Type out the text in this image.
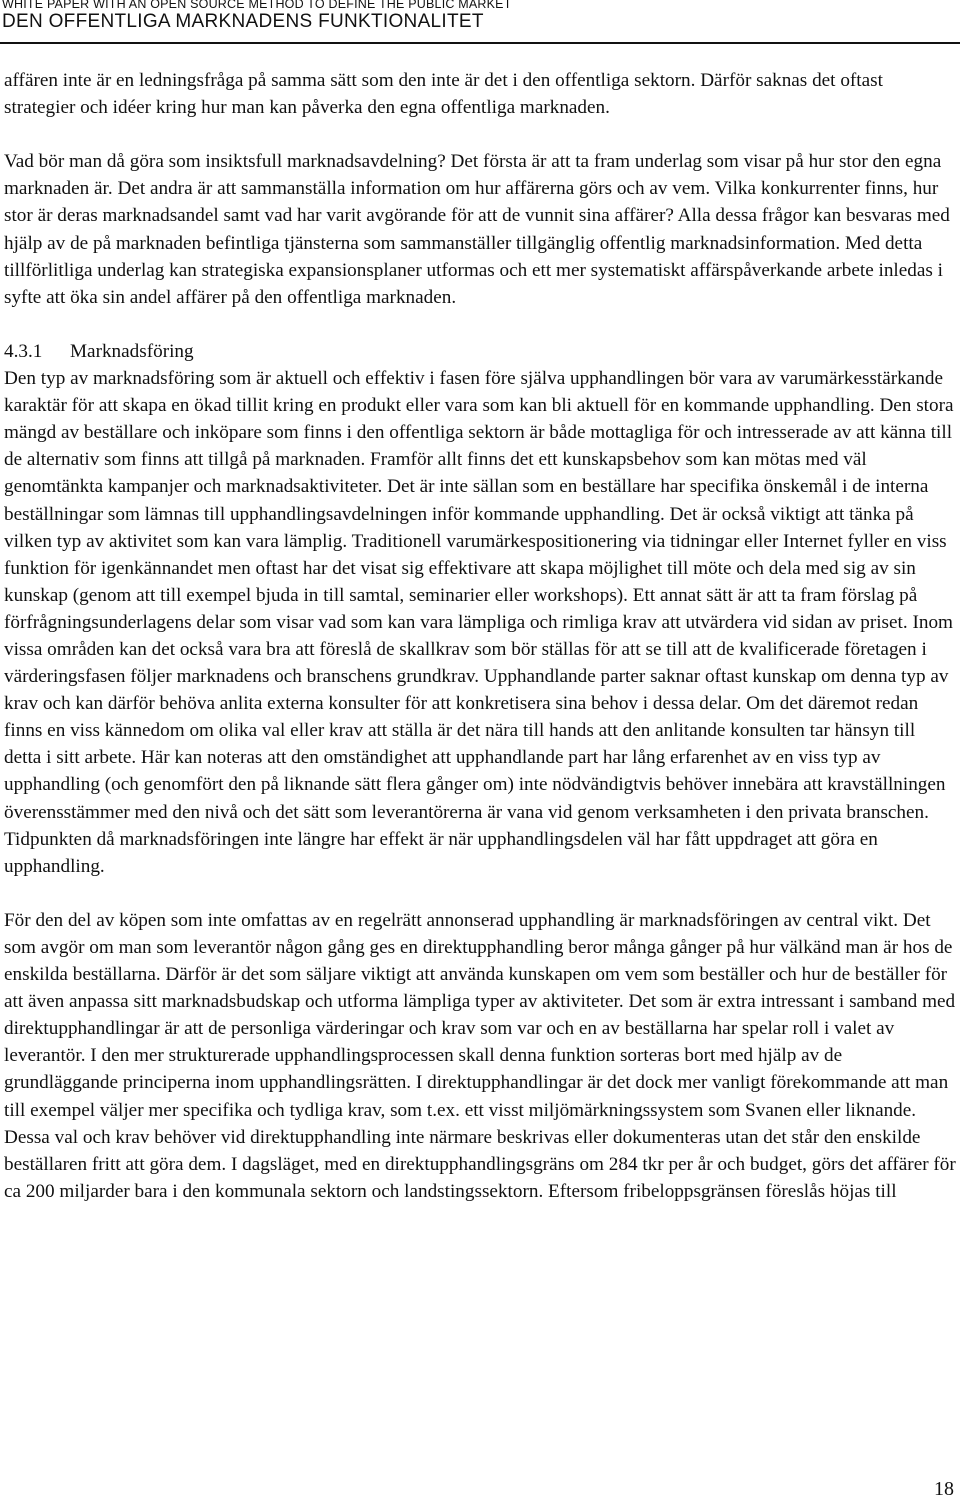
WHITE PAPER WITH AN OPEN SOURCE METHOD TO DEFINE THE PUBLIC MARKET
DEN OFFENTLIGA MARKNADENS FUNKTIONALITET

affären inte är en ledningsfråga på samma sätt som den inte är det i den offentliga sektorn. Därför saknas det oftast strategier och idéer kring hur man kan påverka den egna offentliga marknaden.

Vad bör man då göra som insiktsfull marknadsavdelning? Det första är att ta fram underlag som visar på hur stor den egna marknaden är. Det andra är att sammanställa information om hur affärerna görs och av vem. Vilka konkurrenter finns, hur stor är deras marknadsandel samt vad har varit avgörande för att de vunnit sina affärer? Alla dessa frågor kan besvaras med hjälp av de på marknaden befintliga tjänsterna som sammanställer tillgänglig offentlig marknadsinformation. Med detta tillförlitliga underlag kan strategiska expansionsplaner utformas och ett mer systematiskt affärspåverkande arbete inledas i syfte att öka sin andel affärer på den offentliga marknaden.

4.3.1 Marknadsföring

Den typ av marknadsföring som är aktuell och effektiv i fasen före själva upphandlingen bör vara av varumärkesstärkande karaktär för att skapa en ökad tillit kring en produkt eller vara som kan bli aktuell för en kommande upphandling. Den stora mängd av beställare och inköpare som finns i den offentliga sektorn är både mottagliga för och intresserade av att känna till de alternativ som finns att tillgå på marknaden. Framför allt finns det ett kunskapsbehov som kan mötas med väl genomtänkta kampanjer och marknadsaktiviteter. Det är inte sällan som en beställare har specifika önskemål i de interna beställningar som lämnas till upphandlingsavdelningen inför kommande upphandling. Det är också viktigt att tänka på vilken typ av aktivitet som kan vara lämplig. Traditionell varumärkespositionering via tidningar eller Internet fyller en viss funktion för igenkännandet men oftast har det visat sig effektivare att skapa möjlighet till möte och dela med sig av sin kunskap (genom att till exempel bjuda in till samtal, seminarier eller workshops). Ett annat sätt är att ta fram förslag på förfrågningsunderlagens delar som visar vad som kan vara lämpliga och rimliga krav att utvärdera vid sidan av priset. Inom vissa områden kan det också vara bra att föreslå de skallkrav som bör ställas för att se till att de kvalificerade företagen i värderingsfasen följer marknadens och branschens grundkrav. Upphandlande parter saknar oftast kunskap om denna typ av krav och kan därför behöva anlita externa konsulter för att konkretisera sina behov i dessa delar. Om det däremot redan finns en viss kännedom om olika val eller krav att ställa är det nära till hands att den anlitande konsulten tar hänsyn till detta i sitt arbete. Här kan noteras att den omständighet att upphandlande part har lång erfarenhet av en viss typ av upphandling (och genomfört den på liknande sätt flera gånger om) inte nödvändigtvis behöver innebära att kravställningen överensstämmer med den nivå och det sätt som leverantörerna är vana vid genom verksamheten i den privata branschen. Tidpunkten då marknadsföringen inte längre har effekt är när upphandlingsdelen väl har fått uppdraget att göra en upphandling.

För den del av köpen som inte omfattas av en regelrätt annonserad upphandling är marknadsföringen av central vikt. Det som avgör om man som leverantör någon gång ges en direktupphandling beror många gånger på hur välkänd man är hos de enskilda beställarna. Därför är det som säljare viktigt att använda kunskapen om vem som beställer och hur de beställer för att även anpassa sitt marknadsbudskap och utforma lämpliga typer av aktiviteter. Det som är extra intressant i samband med direktupphandlingar är att de personliga värderingar och krav som var och en av beställarna har spelar roll i valet av leverantör. I den mer strukturerade upphandlingsprocessen skall denna funktion sorteras bort med hjälp av de grundläggande principerna inom upphandlingsrätten. I direktupphandlingar är det dock mer vanligt förekommande att man till exempel väljer mer specifika och tydliga krav, som t.ex. ett visst miljömärkningssystem som Svanen eller liknande. Dessa val och krav behöver vid direktupphandling inte närmare beskrivas eller dokumenteras utan det står den enskilde beställaren fritt att göra dem. I dagsläget, med en direktupphandlingsgräns om 284 tkr per år och budget, görs det affärer för ca 200 miljarder bara i den kommunala sektorn och landstingssektorn. Eftersom fribeloppsgränsen föreslås höjas till

18
